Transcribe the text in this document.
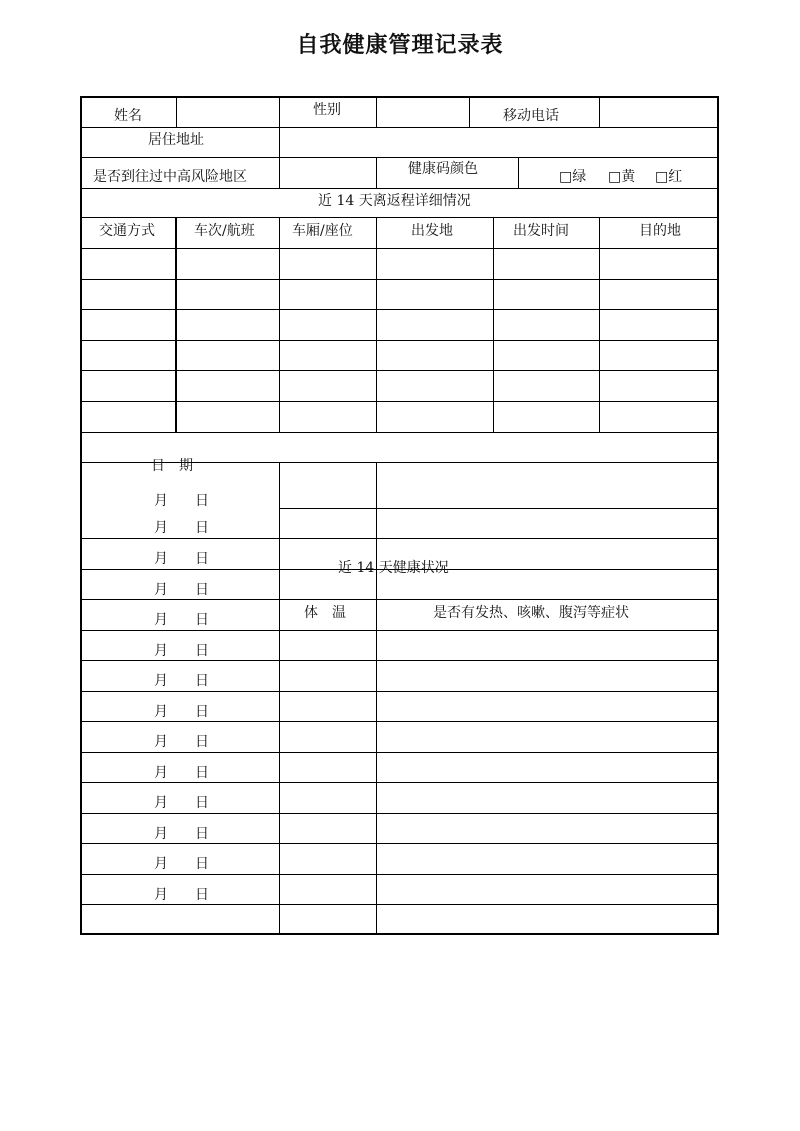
自我健康管理记录表
姓名	性别	移动电话
居住地址
是否到往过中高风险地区	健康码颜色	□绿 □黄 □红
近 14 天离返程详细情况
交通方式	车次/航班	车厢/座位	出发地	出发时间	目的地
日　期
近 14 天健康状况
体　温	是否有发热、咳嗽、腹泻等症状
月 日
月 日
月 日
月 日
月 日
月 日
月 日
月 日
月 日
月 日
月 日
月 日
月 日
月 日
